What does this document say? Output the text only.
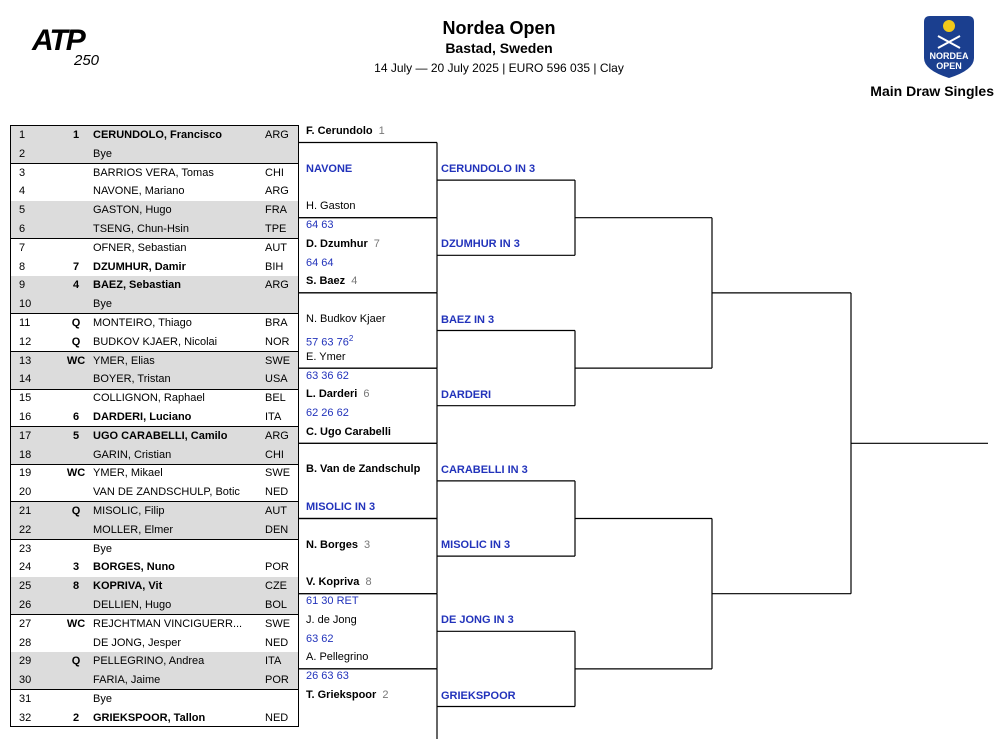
ATP
250
Nordea Open
Bastad, Sweden
14 July — 20 July 2025 | EURO 596 035 | Clay
NORDEA
OPEN
Main Draw Singles
1	1	CERUNDOLO, Francisco	ARG
2	Bye
3	BARRIOS VERA, Tomas	CHI
4	NAVONE, Mariano	ARG
5	GASTON, Hugo	FRA
6	TSENG, Chun-Hsin	TPE
7	OFNER, Sebastian	AUT
8	7	DZUMHUR, Damir	BIH
9	4	BAEZ, Sebastian	ARG
10	Bye
11	Q	MONTEIRO, Thiago	BRA
12	Q	BUDKOV KJAER, Nicolai	NOR
13	WC YMER, Elias	SWE
14	BOYER, Tristan	USA
15	COLLIGNON, Raphael	BEL
16	6	DARDERI, Luciano	ITA
17	5	UGO CARABELLI, Camilo	ARG
18	GARIN, Cristian	CHI
19	WC YMER, Mikael	SWE
20	VAN DE ZANDSCHULP, Botic NED
21	Q	MISOLIC, Filip	AUT
22	MOLLER, Elmer	DEN
23	Bye
24	3	BORGES, Nuno	POR
25	8	KOPRIVA, Vit	CZE
26	DELLIEN, Hugo	BOL
27	WC REJCHTMAN VINCIGUERR... SWE
28	DE JONG, Jesper	NED
29	Q	PELLEGRINO, Andrea	ITA
30	FARIA, Jaime	POR
31	Bye
32	2	GRIEKSPOOR, Tallon	NED
F. Cerundolo 1
NAVONE
H. Gaston
64 63
D. Dzumhur 7
64 64
S. Baez 4
N. Budkov Kjaer
57 63 $76^2$
E. Ymer
63 36 62
L. Darderi 6
62 26 62
C. Ugo Carabelli
B. Van de Zandschulp
MISOLIC IN 3
N. Borges 3
V. Kopriva 8
61 30 RET
J. de Jong
63 62
A. Pellegrino
26 63 63
T. Griekspoor 2
CERUNDOLO IN 3
DZUMHUR IN 3
BAEZ IN 3
DARDERI
CARABELLI IN 3
MISOLIC IN 3
DE JONG IN 3
GRIEKSPOOR
